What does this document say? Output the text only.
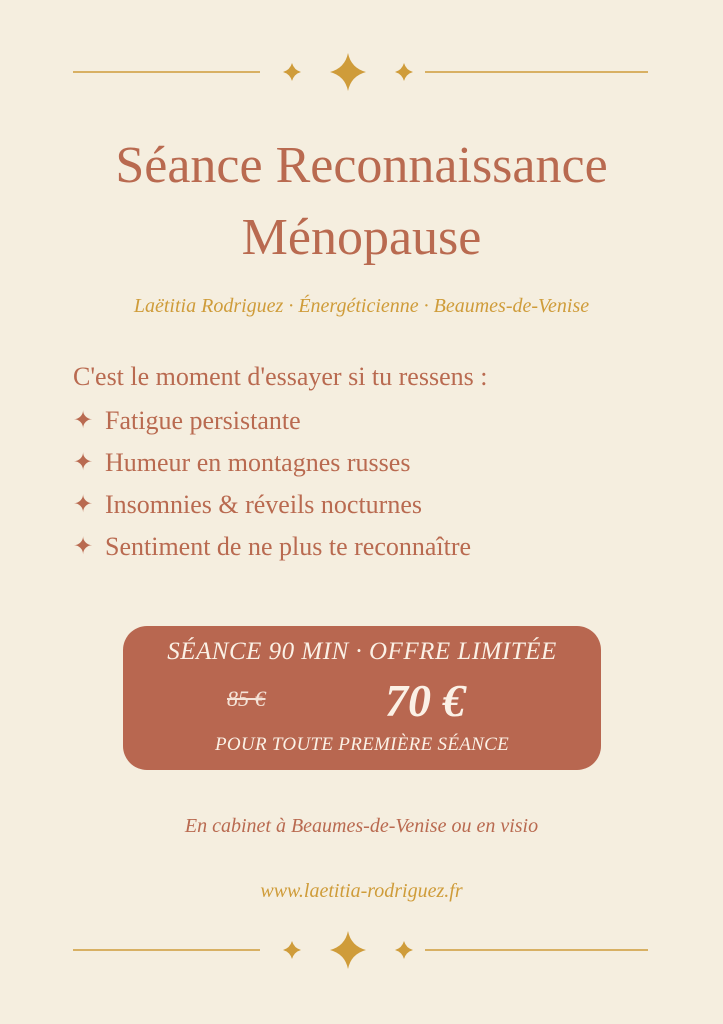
Séance Reconnaissance
Ménopause
Laëtitia Rodriguez · Énergéticienne · Beaumes-de-Venise
C'est le moment d'essayer si tu ressens :
✦ Fatigue persistante
✦ Humeur en montagnes russes
✦ Insomnies & réveils nocturnes
✦ Sentiment de ne plus te reconnaître
SÉANCE 90 MIN · OFFRE LIMITÉE
85 €	70 €
POUR TOUTE PREMIÈRE SÉANCE
En cabinet à Beaumes-de-Venise ou en visio
www.laetitia-rodriguez.fr
